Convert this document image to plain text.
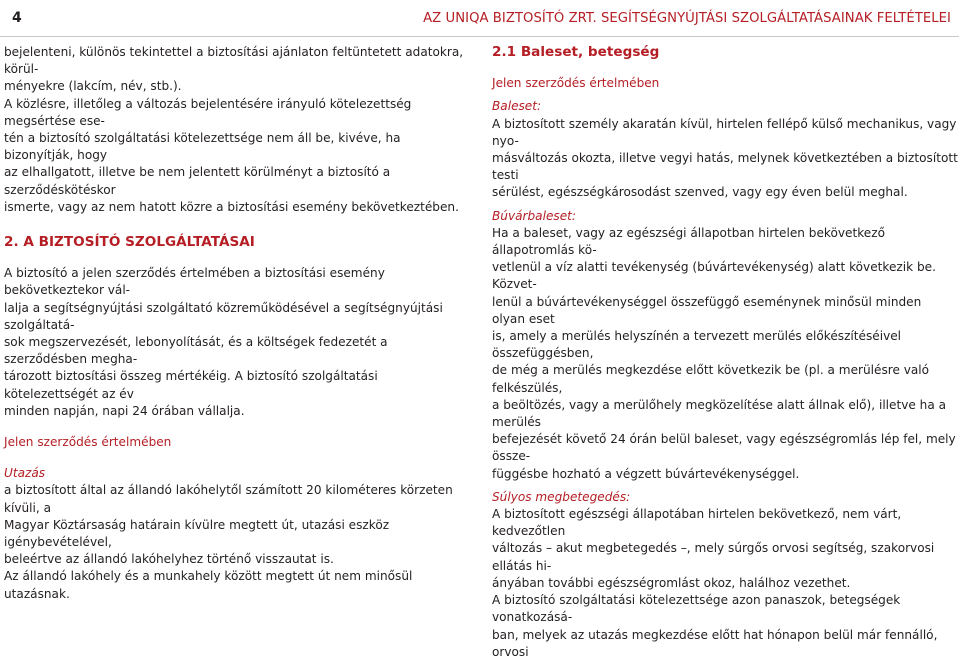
4	AZ UNIQA BIZTOSÍTÓ ZRT. SEGÍTSÉGNYÚJTÁSI SZOLGÁLTATÁSAINAK FELTÉTELEI

bejelenteni, különös tekintettel a biztosítási ajánlaton feltüntetett adatokra, körül-

ményekre (lakcím, név, stb.).

A közlésre, illetőleg a változás bejelentésére irányuló kötelezettség megsértése ese-

tén a biztosító szolgáltatási kötelezettsége nem áll be, kivéve, ha bizonyítják, hogy

az elhallgatott, illetve be nem jelentett körülményt a biztosító a szerződéskötéskor

ismerte, vagy az nem hatott közre a biztosítási esemény bekövetkeztében.

2. A BIZTOSÍTÓ SZOLGÁLTATÁSAI

A biztosító a jelen szerződés értelmében a biztosítási esemény bekövetkeztekor vál-

lalja a segítségnyújtási szolgáltató közreműködésével a segítségnyújtási szolgáltatá-

sok megszervezését, lebonyolítását, és a költségek fedezetét a szerződésben megha-

tározott biztosítási összeg mértékéig. A biztosító szolgáltatási kötelezettségét az év

minden napján, napi 24 órában vállalja.

Jelen szerződés értelmében

Utazás

a biztosított által az állandó lakóhelytől számított 20 kilométeres körzeten kívüli, a

Magyar Köztársaság határain kívülre megtett út, utazási eszköz igénybevételével,

beleértve az állandó lakóhelyhez történő visszautat is.

Az állandó lakóhely és a munkahely között megtett út nem minősül utazásnak.

2.1 Baleset, betegség

Jelen szerződés értelmében

Baleset:

A biztosított személy akaratán kívül, hirtelen fellépő külső mechanikus, vagy nyo-

másváltozás okozta, illetve vegyi hatás, melynek következtében a biztosított testi

sérülést, egészségkárosodást szenved, vagy egy éven belül meghal.

Búvárbaleset:

Ha a baleset, vagy az egészségi állapotban hirtelen bekövetkező állapotromlás kö-

vetlenül a víz alatti tevékenység (búvártevékenység) alatt következik be. Közvet-

lenül a búvártevékenységgel összefüggő eseménynek minősül minden olyan eset

is, amely a merülés helyszínén a tervezett merülés előkészítéséivel összefüggésben,

de még a merülés megkezdése előtt következik be (pl. a merülésre való felkészülés,

a beöltözés, vagy a merülőhely megközelítése alatt állnak elő), illetve ha a merülés

befejezését követő 24 órán belül baleset, vagy egészségromlás lép fel, mely össze-

függésbe hozható a végzett búvártevékenységgel.

Súlyos megbetegedés:

A biztosított egészségi állapotában hirtelen bekövetkező, nem várt, kedvezőtlen

változás – akut megbetegedés –, mely súrgős orvosi segítség, szakorvosi ellátás hi-

ányában további egészségromlást okoz, halálhoz vezethet.

A biztosító szolgáltatási kötelezettsége azon panaszok, betegségek vonatkozásá-

ban, melyek az utazás megkezdése előtt hat hónapon belül már fennálló, orvosi
